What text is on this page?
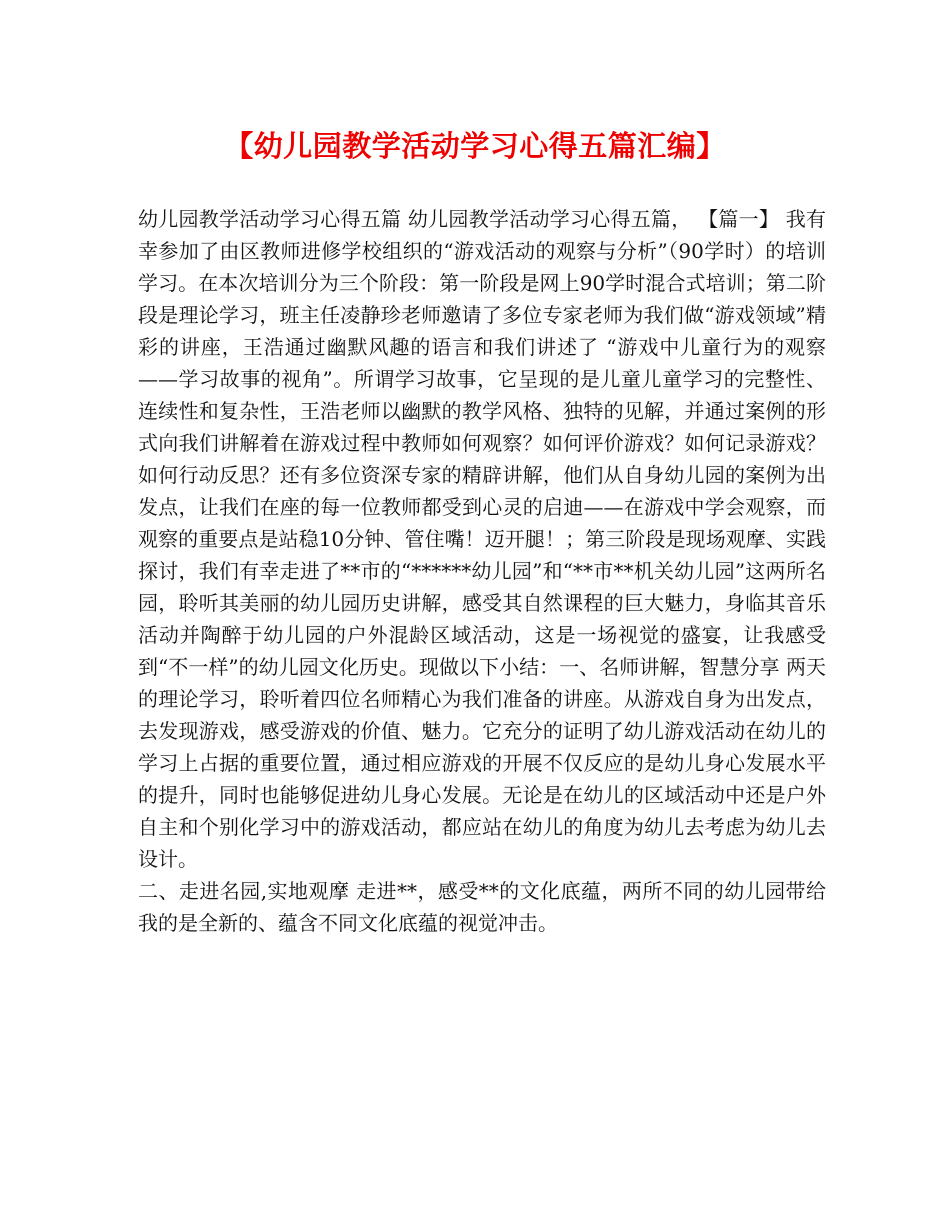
【幼儿园教学活动学习心得五篇汇编】

幼儿园教学活动学习心得五篇 幼儿园教学活动学习心得五篇， 【篇一】 我有幸参加了由区教师进修学校组织的“游戏活动的观察与分析”（90学时）的培训学习。在本次培训分为三个阶段：第一阶段是网上90学时混合式培训；第二阶段是理论学习，班主任凌静珍老师邀请了多位专家老师为我们做“游戏领域”精彩的讲座，王浩通过幽默风趣的语言和我们讲述了 “游戏中儿童行为的观察——学习故事的视角”。所谓学习故事，它呈现的是儿童儿童学习的完整性、连续性和复杂性，王浩老师以幽默的教学风格、独特的见解，并通过案例的形式向我们讲解着在游戏过程中教师如何观察？如何评价游戏？如何记录游戏？如何行动反思？还有多位资深专家的精辟讲解，他们从自身幼儿园的案例为出发点，让我们在座的每一位教师都受到心灵的启迪——在游戏中学会观察，而观察的重要点是站稳10分钟、管住嘴！迈开腿！；第三阶段是现场观摩、实践探讨，我们有幸走进了**市的“******幼儿园”和“**市**机关幼儿园”这两所名园，聆听其美丽的幼儿园历史讲解，感受其自然课程的巨大魅力，身临其音乐活动并陶醉于幼儿园的户外混龄区域活动，这是一场视觉的盛宴，让我感受到“不一样”的幼儿园文化历史。现做以下小结：一、名师讲解，智慧分享 两天的理论学习，聆听着四位名师精心为我们准备的讲座。从游戏自身为出发点，去发现游戏，感受游戏的价值、魅力。它充分的证明了幼儿游戏活动在幼儿的学习上占据的重要位置，通过相应游戏的开展不仅反应的是幼儿身心发展水平的提升，同时也能够促进幼儿身心发展。无论是在幼儿的区域活动中还是户外自主和个别化学习中的游戏活动，都应站在幼儿的角度为幼儿去考虑为幼儿去设计。

二、走进名园,实地观摩 走进**，感受**的文化底蕴，两所不同的幼儿园带给我的是全新的、蕴含不同文化底蕴的视觉冲击。
